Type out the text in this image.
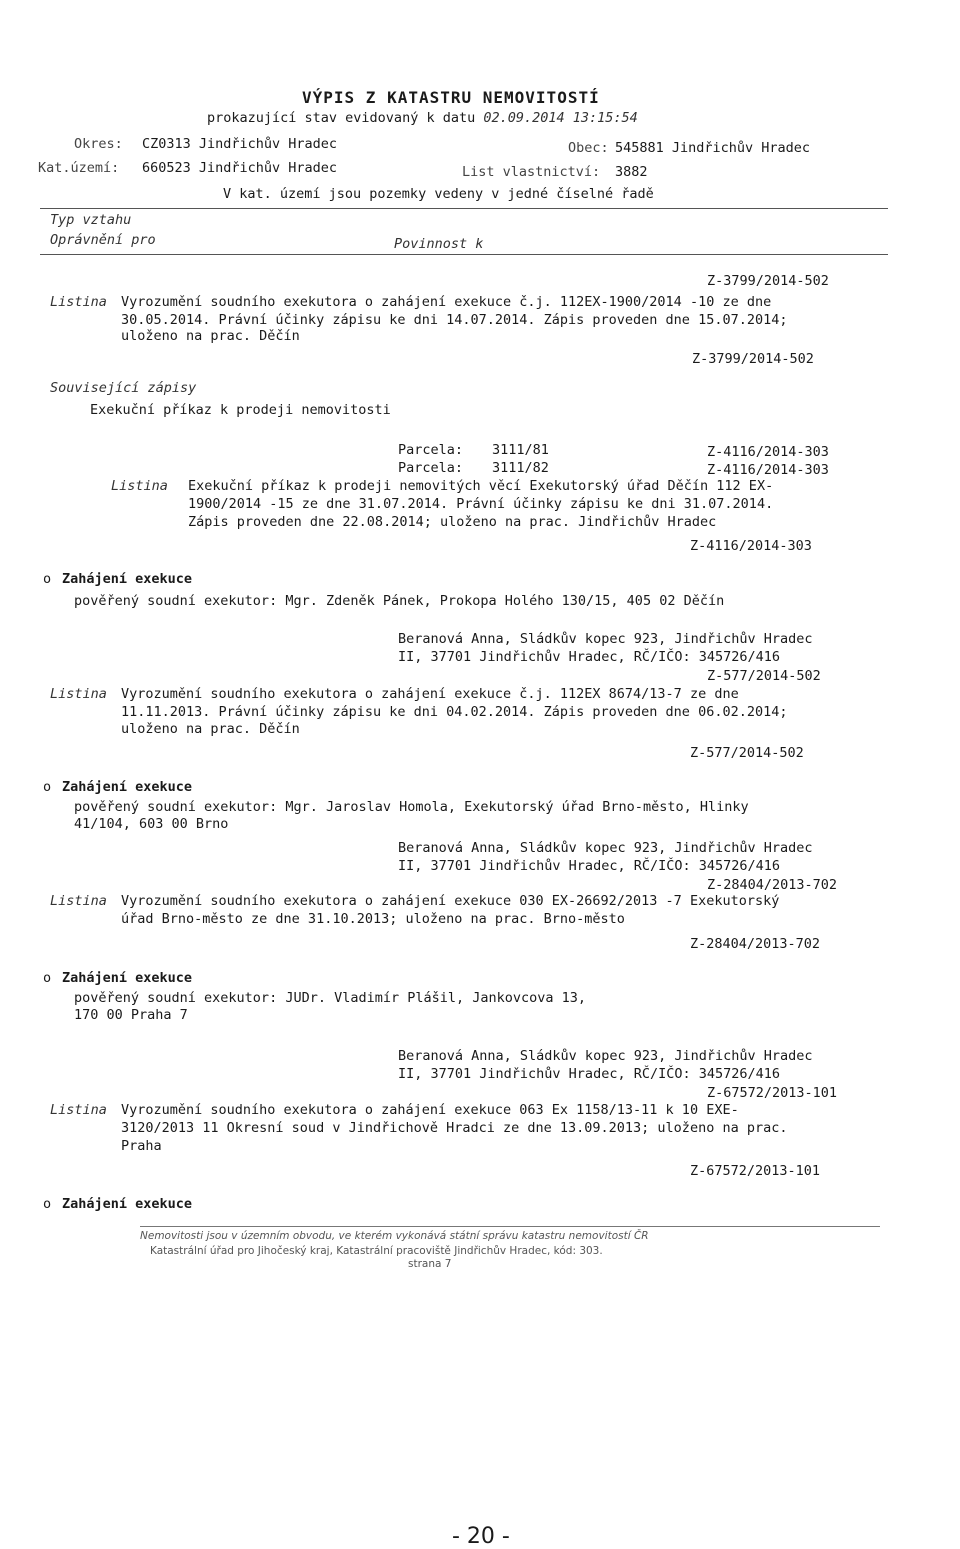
VÝPIS Z KATASTRU NEMOVITOSTÍ
prokazující stav evidovaný k datu 02.09.2014 13:15:54
Okres: CZ0313 Jindřichův Hradec	Obec: 545881 Jindřichův Hradec
Kat.území: 660523 Jindřichův Hradec	List vlastnictví: 3882
V kat. území jsou pozemky vedeny v jedné číselné řadě
Typ vztahu
Oprávnění pro	Povinnost k
Z-3799/2014-502
Listina Vyrozumění soudního exekutora o zahájení exekuce č.j. 112EX-1900/2014 -10 ze dne
30.05.2014. Právní účinky zápisu ke dni 14.07.2014. Zápis proveden dne 15.07.2014;
uloženo na prac. Děčín
Z-3799/2014-502
Související zápisy
Exekuční příkaz k prodeji nemovitosti
Parcela: 3111/81	Z-4116/2014-303
Parcela: 3111/82	Z-4116/2014-303
Listina Exekuční příkaz k prodeji nemovitých věcí Exekutorský úřad Děčín 112 EX-
1900/2014 -15 ze dne 31.07.2014. Právní účinky zápisu ke dni 31.07.2014.
Zápis proveden dne 22.08.2014; uloženo na prac. Jindřichův Hradec
Z-4116/2014-303
o Zahájení exekuce
pověřený soudní exekutor: Mgr. Zdeněk Pánek, Prokopa Holého 130/15, 405 02 Děčín
Beranová Anna, Sládkův kopec 923, Jindřichův Hradec
II, 37701 Jindřichův Hradec, RČ/IČO: 345726/416
Z-577/2014-502
Listina Vyrozumění soudního exekutora o zahájení exekuce č.j. 112EX 8674/13-7 ze dne
11.11.2013. Právní účinky zápisu ke dni 04.02.2014. Zápis proveden dne 06.02.2014;
uloženo na prac. Děčín
Z-577/2014-502
o Zahájení exekuce
pověřený soudní exekutor: Mgr. Jaroslav Homola, Exekutorský úřad Brno-město, Hlinky
41/104, 603 00 Brno
Beranová Anna, Sládkův kopec 923, Jindřichův Hradec
II, 37701 Jindřichův Hradec, RČ/IČO: 345726/416
Z-28404/2013-702
Listina Vyrozumění soudního exekutora o zahájení exekuce 030 EX-26692/2013 -7 Exekutorský
úřad Brno-město ze dne 31.10.2013; uloženo na prac. Brno-město
Z-28404/2013-702
o Zahájení exekuce
pověřený soudní exekutor: JUDr. Vladimír Plášil, Jankovcova 13,
170 00 Praha 7
Beranová Anna, Sládkův kopec 923, Jindřichův Hradec
II, 37701 Jindřichův Hradec, RČ/IČO: 345726/416
Z-67572/2013-101
Listina Vyrozumění soudního exekutora o zahájení exekuce 063 Ex 1158/13-11 k 10 EXE-
3120/2013 11 Okresní soud v Jindřichově Hradci ze dne 13.09.2013; uloženo na prac.
Praha
Z-67572/2013-101
o Zahájení exekuce
Nemovitosti jsou v územním obvodu, ve kterém vykonává státní správu katastru nemovitostí ČR
Katastrální úřad pro Jihočeský kraj, Katastrální pracoviště Jindřichův Hradec, kód: 303.
strana 7
- 20 -
